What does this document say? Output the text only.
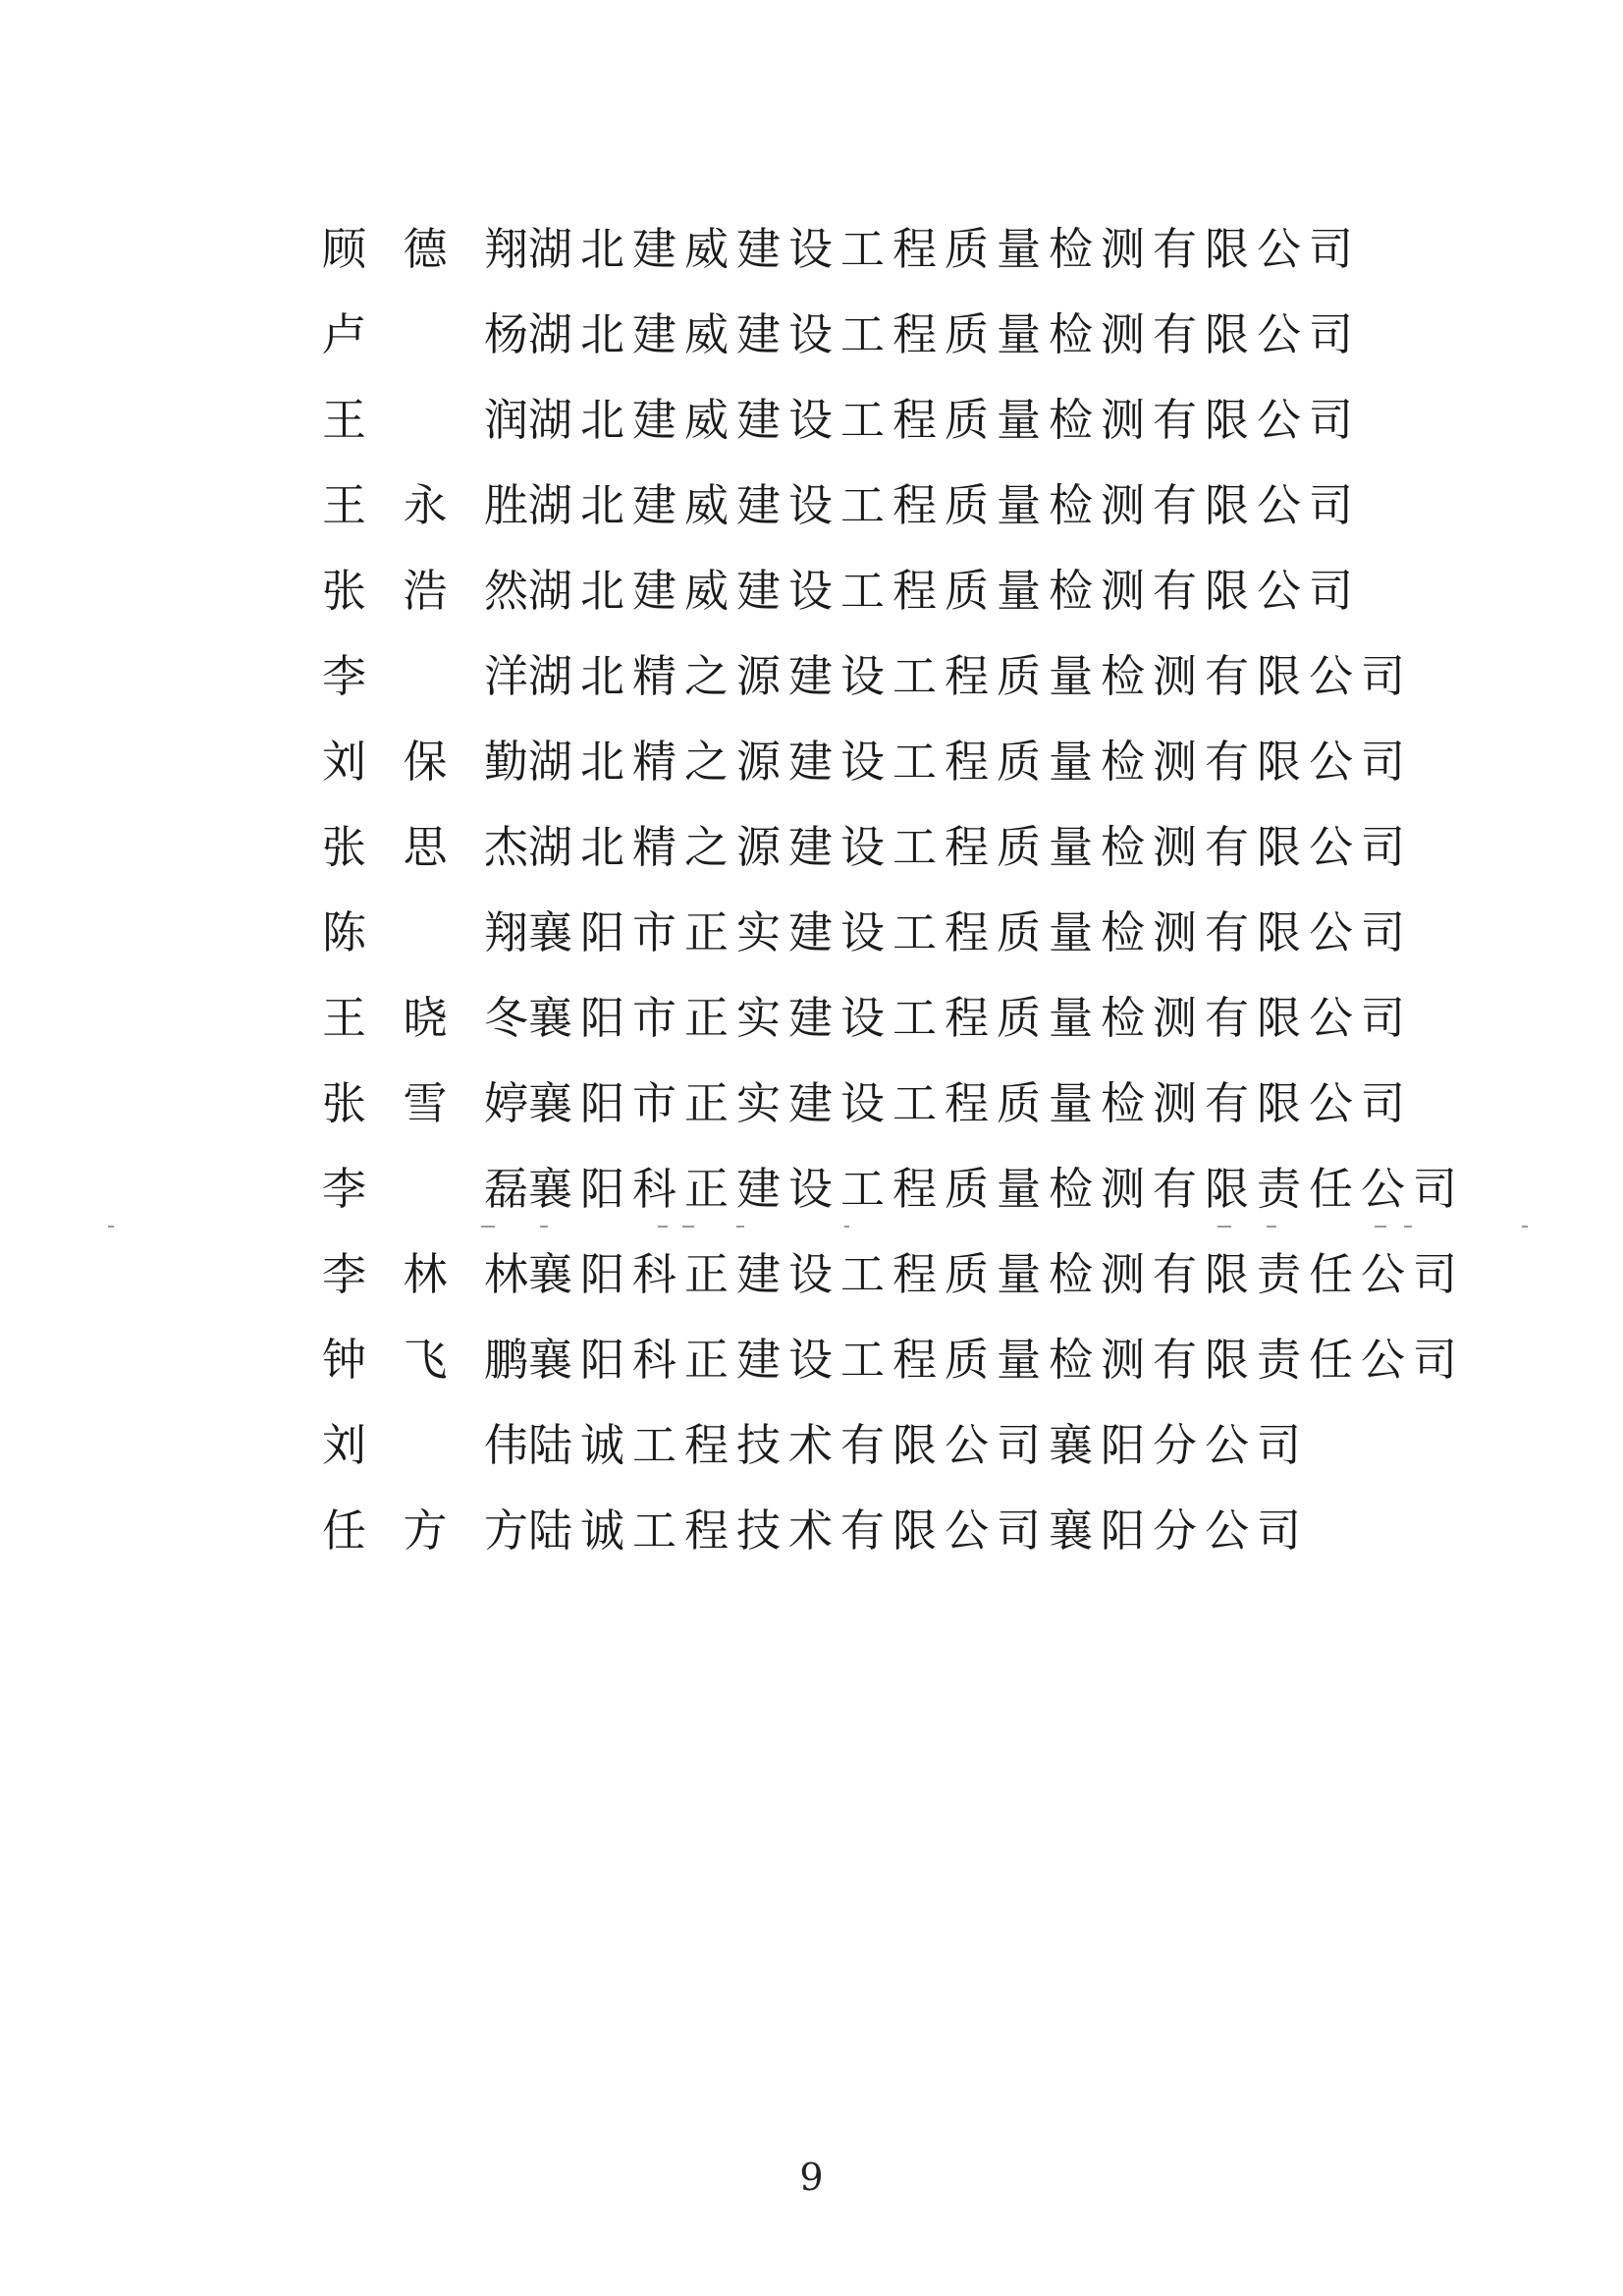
顾德翔 湖北建威建设工程质量检测有限公司
卢 杨 湖北建威建设工程质量检测有限公司
王 润 湖北建威建设工程质量检测有限公司
王永胜 湖北建威建设工程质量检测有限公司
张浩然 湖北建威建设工程质量检测有限公司
李 洋 湖北精之源建设工程质量检测有限公司
刘保勤 湖北精之源建设工程质量检测有限公司
张思杰 湖北精之源建设工程质量检测有限公司
陈 翔 襄阳市正实建设工程质量检测有限公司
王晓冬 襄阳市正实建设工程质量检测有限公司
张雪婷 襄阳市正实建设工程质量检测有限公司
李 磊 襄阳科正建设工程质量检测有限责任公司
李林林 襄阳科正建设工程质量检测有限责任公司
钟飞鹏 襄阳科正建设工程质量检测有限责任公司
刘 伟 陆诚工程技术有限公司襄阳分公司
任方方 陆诚工程技术有限公司襄阳分公司
9
